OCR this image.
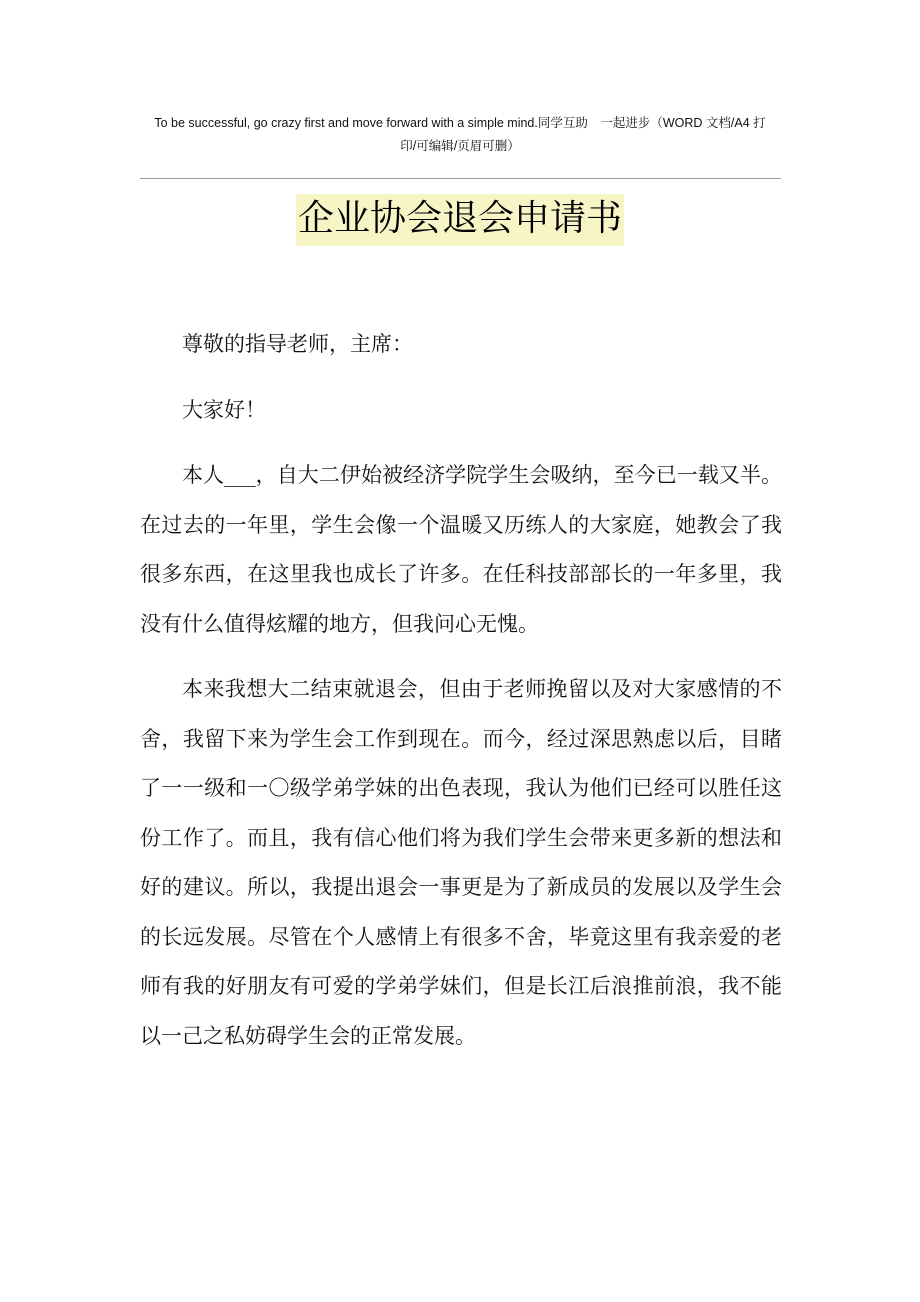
To be successful, go crazy first and move forward with a simple mind.同学互助　一起进步（WORD 文档/A4 打
印/可编辑/页眉可删）
企业协会退会申请书

尊敬的指导老师，主席：

大家好！

本人___，自大二伊始被经济学院学生会吸纳，至今已一载又半。在过去的一年里，学生会像一个温暖又历练人的大家庭，她教会了我很多东西，在这里我也成长了许多。在任科技部部长的一年多里，我没有什么值得炫耀的地方，但我问心无愧。

本来我想大二结束就退会，但由于老师挽留以及对大家感情的不舍，我留下来为学生会工作到现在。而今，经过深思熟虑以后，目睹了一一级和一〇级学弟学妹的出色表现，我认为他们已经可以胜任这份工作了。而且，我有信心他们将为我们学生会带来更多新的想法和好的建议。所以，我提出退会一事更是为了新成员的发展以及学生会的长远发展。尽管在个人感情上有很多不舍，毕竟这里有我亲爱的老师有我的好朋友有可爱的学弟学妹们，但是长江后浪推前浪，我不能以一己之私妨碍学生会的正常发展。
